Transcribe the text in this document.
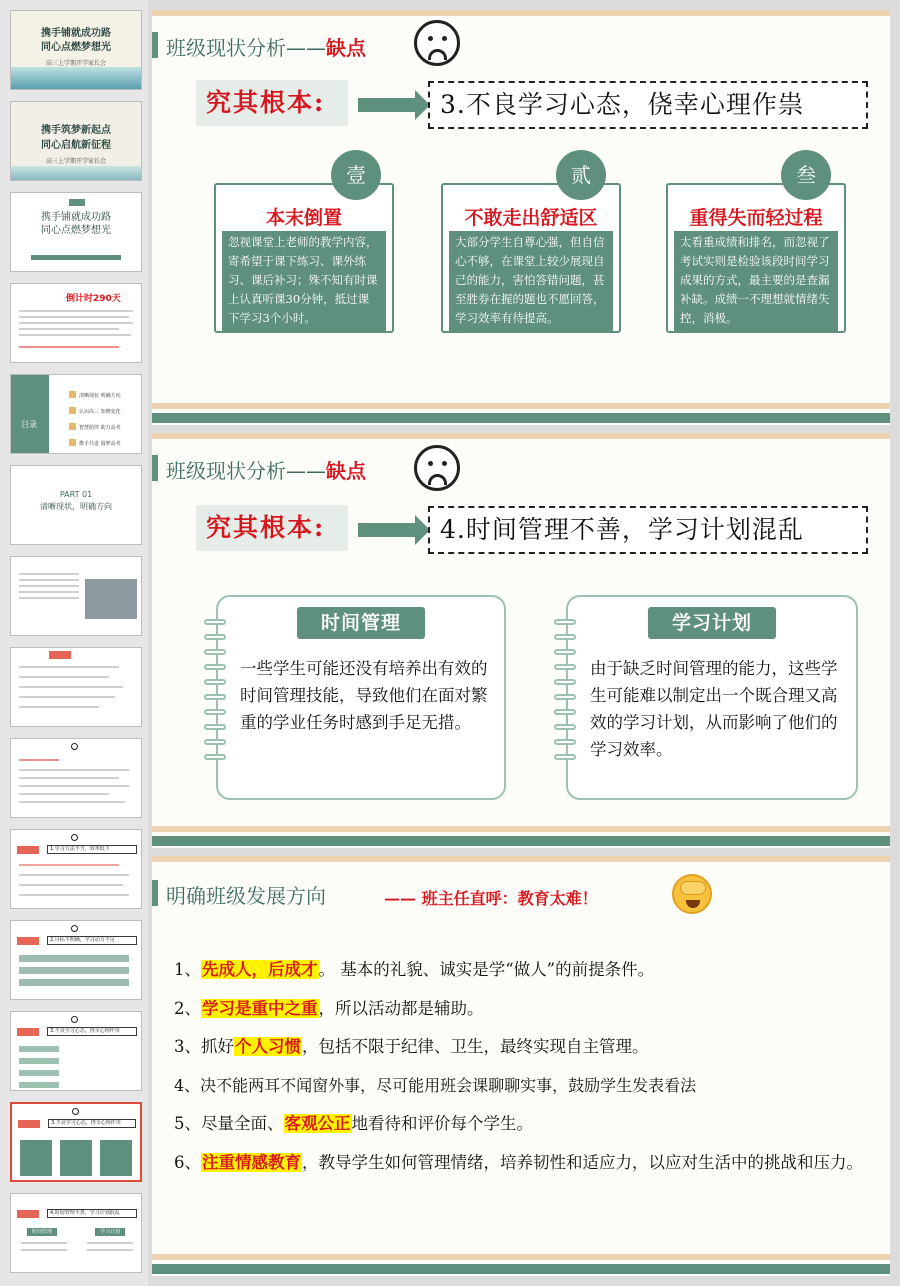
携手铺就成功路
同心点燃梦想光
高三上学期开学家长会
携手筑梦新起点
同心启航新征程
高三上学期开学家长会
携手铺就成功路
同心点燃梦想光
倒计时290天
目录
清晰现状 明确方向
认识高三 知晓变化
智慧陪伴 助力高考
携手共进 圆梦高考
PART 01
清晰现状，明确方向
1.学习方法不当，效率低下
2.目标不明确，学习动力不足
3.不良学习心态，侥幸心理作祟
3.不良学习心态，侥幸心理作祟
4.时间管理不善，学习计划混乱
时间管理	学习计划
班级现状分析——缺点
究其根本:	3.不良学习心态，侥幸心理作祟
本末倒置
忽视课堂上老师的教学内容，寄希望于课下练习、课外练习、课后补习；殊不知有时课上认真听课30分钟，抵过课下学习3个小时。
壹
不敢走出舒适区
大部分学生自尊心强，但自信心不够，在课堂上较少展现自己的能力，害怕答错问题，甚至胜券在握的题也不愿回答，学习效率有待提高。
贰
重得失而轻过程
太看重成绩和排名，而忽视了考试实则是检验该段时间学习成果的方式，最主要的是查漏补缺。成绩一不理想就情绪失控，消极。
叁
班级现状分析——缺点
究其根本:	4.时间管理不善，学习计划混乱
时间管理
一些学生可能还没有培养出有效的时间管理技能，导致他们在面对繁重的学业任务时感到手足无措。
学习计划
由于缺乏时间管理的能力，这些学生可能难以制定出一个既合理又高效的学习计划，从而影响了他们的学习效率。
明确班级发展方向	—— 班主任直呼：教育太难！
1、先成人，后成才。 基本的礼貌、诚实是学“做人”的前提条件。
2、学习是重中之重，所以活动都是辅助。
3、抓好个人习惯，包括不限于纪律、卫生，最终实现自主管理。
4、决不能两耳不闻窗外事，尽可能用班会课聊聊实事，鼓励学生发表看法
5、尽量全面、客观公正地看待和评价每个学生。
6、注重情感教育，教导学生如何管理情绪，培养韧性和适应力，以应对生活中的挑战和压力。
